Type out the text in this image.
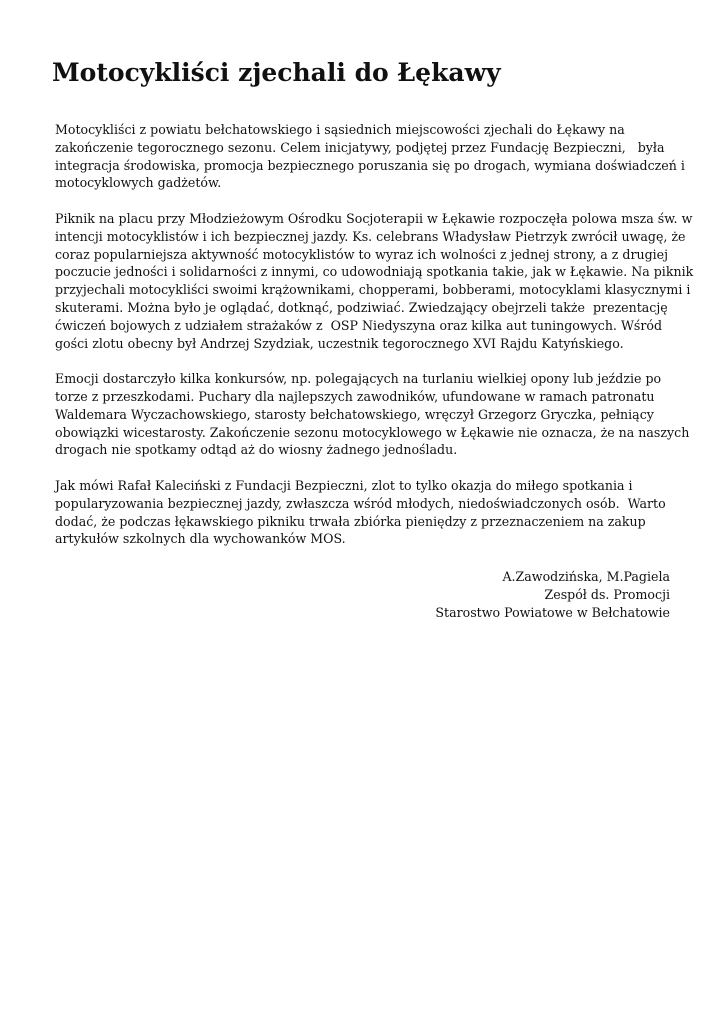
Motocykliści zjechali do Łękawy

Motocykliści z powiatu bełchatowskiego i sąsiednich miejscowości zjechali do Łękawy na
zakończenie tegorocznego sezonu. Celem inicjatywy, podjętej przez Fundację Bezpieczni,   była
integracja środowiska, promocja bezpiecznego poruszania się po drogach, wymiana doświadczeń i
motocyklowych gadżetów.

Piknik na placu przy Młodzieżowym Ośrodku Socjoterapii w Łękawie rozpoczęła polowa msza św. w
intencji motocyklistów i ich bezpiecznej jazdy. Ks. celebrans Władysław Pietrzyk zwrócił uwagę, że
coraz popularniejsza aktywność motocyklistów to wyraz ich wolności z jednej strony, a z drugiej
poczucie jedności i solidarności z innymi, co udowodniają spotkania takie, jak w Łękawie. Na piknik
przyjechali motocykliści swoimi krążownikami, chopperami, bobberami, motocyklami klasycznymi i
skuterami. Można było je oglądać, dotknąć, podziwiać. Zwiedzający obejrzeli także  prezentację
ćwiczeń bojowych z udziałem strażaków z  OSP Niedyszyna oraz kilka aut tuningowych. Wśród
gości zlotu obecny był Andrzej Szydziak, uczestnik tegorocznego XVI Rajdu Katyńskiego.

Emocji dostarczyło kilka konkursów, np. polegających na turlaniu wielkiej opony lub jeździe po
torze z przeszkodami. Puchary dla najlepszych zawodników, ufundowane w ramach patronatu
Waldemara Wyczachowskiego, starosty bełchatowskiego, wręczył Grzegorz Gryczka, pełniący
obowiązki wicestarosty. Zakończenie sezonu motocyklowego w Łękawie nie oznacza, że na naszych
drogach nie spotkamy odtąd aż do wiosny żadnego jednośladu.

Jak mówi Rafał Kaleciński z Fundacji Bezpieczni, zlot to tylko okazja do miłego spotkania i
popularyzowania bezpiecznej jazdy, zwłaszcza wśród młodych, niedoświadczonych osób.  Warto
dodać, że podczas łękawskiego pikniku trwała zbiórka pieniędzy z przeznaczeniem na zakup
artykułów szkolnych dla wychowanków MOS.

A.Zawodzińska, M.Pagiela
Zespół ds. Promocji
Starostwo Powiatowe w Bełchatowie
